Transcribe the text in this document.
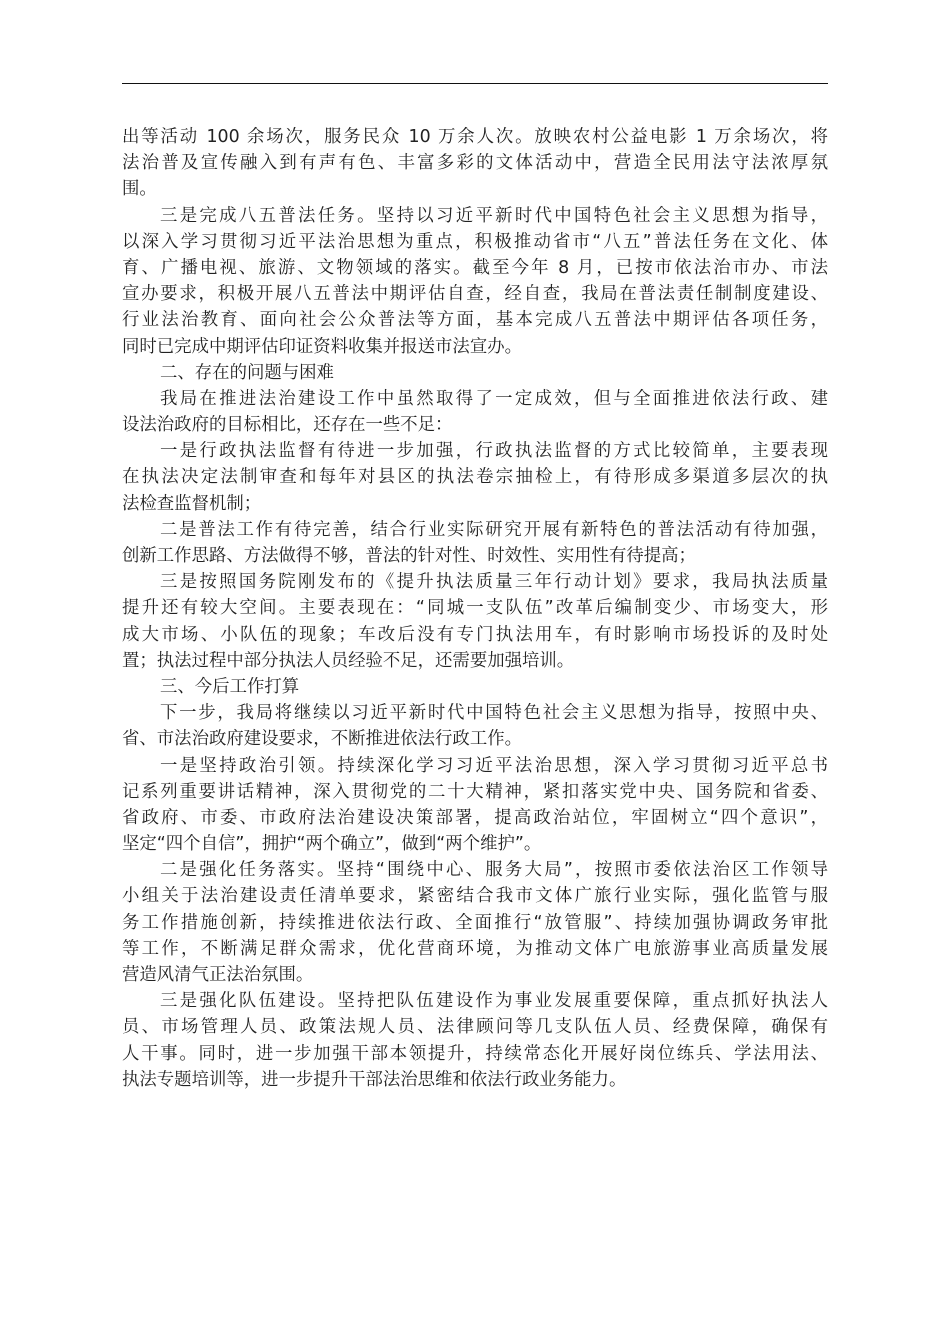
出等活动 100 余场次，服务民众 10 万余人次。放映农村公益电影 1 万余场次，将
法治普及宣传融入到有声有色、丰富多彩的文体活动中，营造全民用法守法浓厚氛
围。
三是完成八五普法任务。坚持以习近平新时代中国特色社会主义思想为指导，
以深入学习贯彻习近平法治思想为重点，积极推动省市“八五”普法任务在文化、体
育、广播电视、旅游、文物领域的落实。截至今年 8 月，已按市依法治市办、市法
宣办要求，积极开展八五普法中期评估自查，经自查，我局在普法责任制制度建设、
行业法治教育、面向社会公众普法等方面，基本完成八五普法中期评估各项任务，
同时已完成中期评估印证资料收集并报送市法宣办。
二、存在的问题与困难
我局在推进法治建设工作中虽然取得了一定成效，但与全面推进依法行政、建
设法治政府的目标相比，还存在一些不足：
一是行政执法监督有待进一步加强，行政执法监督的方式比较简单，主要表现
在执法决定法制审查和每年对县区的执法卷宗抽检上，有待形成多渠道多层次的执
法检查监督机制；
二是普法工作有待完善，结合行业实际研究开展有新特色的普法活动有待加强，
创新工作思路、方法做得不够，普法的针对性、时效性、实用性有待提高；
三是按照国务院刚发布的《提升执法质量三年行动计划》要求，我局执法质量
提升还有较大空间。主要表现在：“同城一支队伍”改革后编制变少、市场变大，形
成大市场、小队伍的现象；车改后没有专门执法用车，有时影响市场投诉的及时处
置；执法过程中部分执法人员经验不足，还需要加强培训。
三、今后工作打算
下一步，我局将继续以习近平新时代中国特色社会主义思想为指导，按照中央、
省、市法治政府建设要求，不断推进依法行政工作。
一是坚持政治引领。持续深化学习习近平法治思想，深入学习贯彻习近平总书
记系列重要讲话精神，深入贯彻党的二十大精神，紧扣落实党中央、国务院和省委、
省政府、市委、市政府法治建设决策部署，提高政治站位，牢固树立“四个意识”，
坚定“四个自信”，拥护“两个确立”，做到“两个维护”。
二是强化任务落实。坚持“围绕中心、服务大局”，按照市委依法治区工作领导
小组关于法治建设责任清单要求，紧密结合我市文体广旅行业实际，强化监管与服
务工作措施创新，持续推进依法行政、全面推行“放管服”、持续加强协调政务审批
等工作，不断满足群众需求，优化营商环境，为推动文体广电旅游事业高质量发展
营造风清气正法治氛围。
三是强化队伍建设。坚持把队伍建设作为事业发展重要保障，重点抓好执法人
员、市场管理人员、政策法规人员、法律顾问等几支队伍人员、经费保障，确保有
人干事。同时，进一步加强干部本领提升，持续常态化开展好岗位练兵、学法用法、
执法专题培训等，进一步提升干部法治思维和依法行政业务能力。
